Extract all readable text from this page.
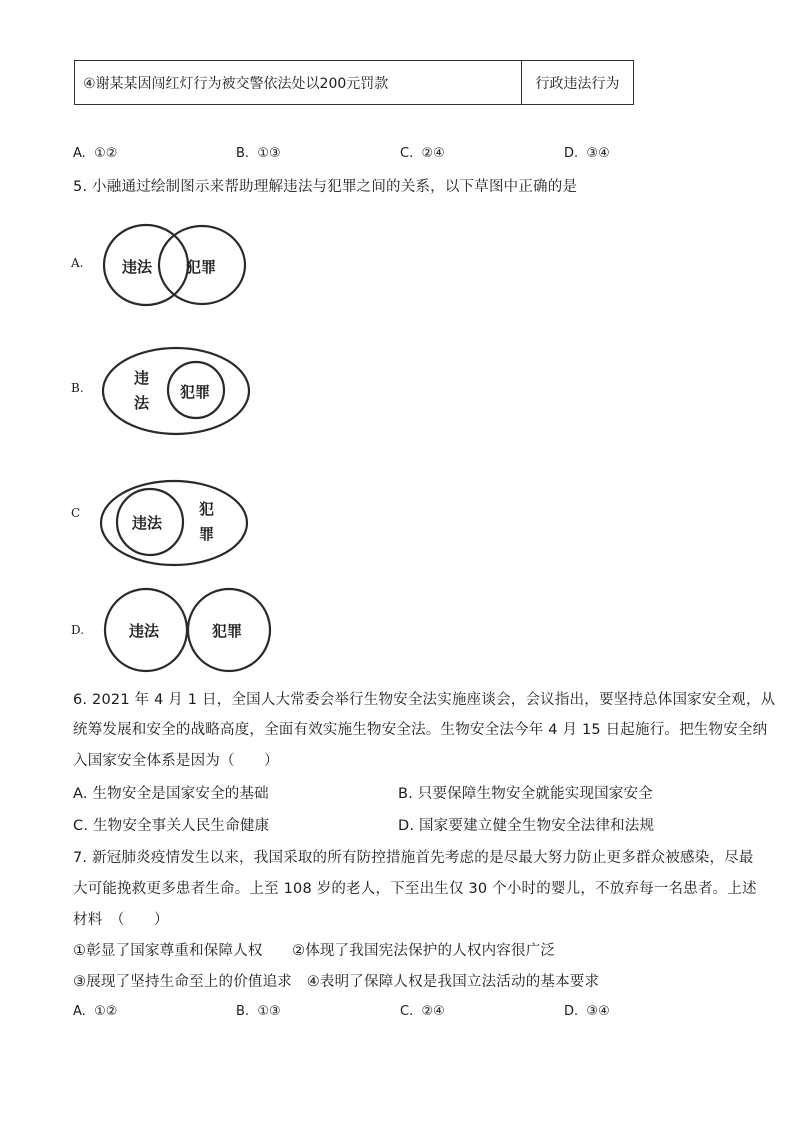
④谢某某因闯红灯行为被交警依法处以200元罚款	行政违法行为
A. ①②	B. ①③	C. ②④	D. ③④
5. 小融通过绘制图示来帮助理解违法与犯罪之间的关系，以下草图中正确的是
A.	违法 犯罪
B.
违
法
犯罪
C
违法
犯
罪
D.	违法	犯罪
6. 2021 年 4 月 1 日，全国人大常委会举行生物安全法实施座谈会，会议指出，要坚持总体国家安全观，从
统筹发展和安全的战略高度，全面有效实施生物安全法。生物安全法今年 4 月 15 日起施行。把生物安全纳
入国家安全体系是因为（　　）
A. 生物安全是国家安全的基础	B. 只要保障生物安全就能实现国家安全
C. 生物安全事关人民生命健康	D. 国家要建立健全生物安全法律和法规
7. 新冠肺炎疫情发生以来，我国采取的所有防控措施首先考虑的是尽最大努力防止更多群众被感染，尽最
大可能挽救更多患者生命。上至 108 岁的老人，下至出生仅 30 个小时的婴儿，不放弃每一名患者。上述
材料　（　　）
①彰显了国家尊重和保障人权　　②体现了我国宪法保护的人权内容很广泛
③展现了坚持生命至上的价值追求　④表明了保障人权是我国立法活动的基本要求
A. ①②	B. ①③	C. ②④	D. ③④
